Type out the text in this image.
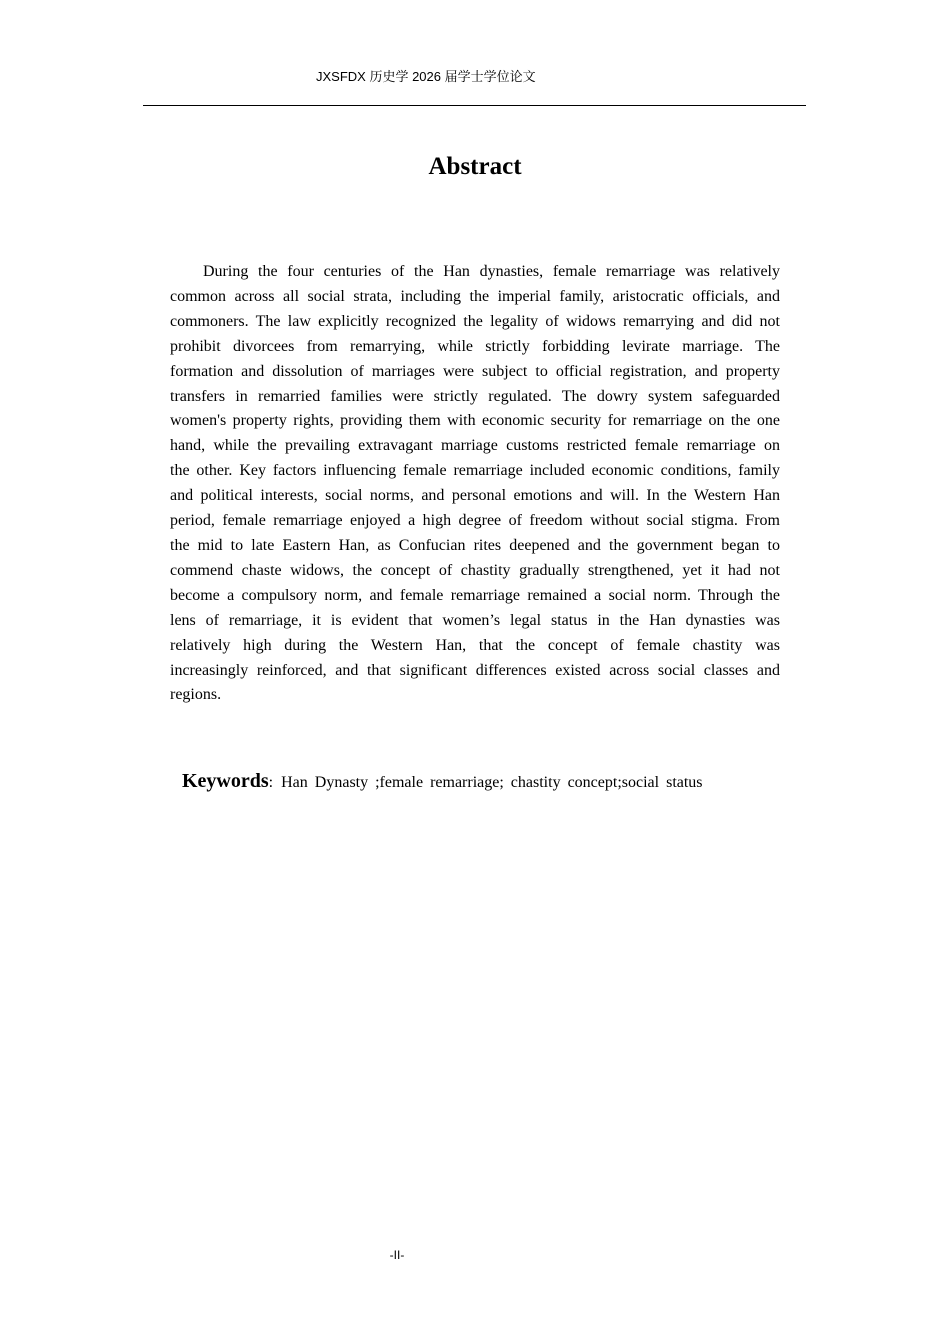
JXSFDX 历史学 2026 届学士学位论文
Abstract

During the four centuries of the Han dynasties, female remarriage was relatively common across all social strata, including the imperial family, aristocratic officials, and commoners. The law explicitly recognized the legality of widows remarrying and did not prohibit divorcees from remarrying, while strictly forbidding levirate marriage. The formation and dissolution of marriages were subject to official registration, and property transfers in remarried families were strictly regulated. The dowry system safeguarded women's property rights, providing them with economic security for remarriage on the one hand, while the prevailing extravagant marriage customs restricted female remarriage on the other. Key factors influencing female remarriage included economic conditions, family and political interests, social norms, and personal emotions and will. In the Western Han period, female remarriage enjoyed a high degree of freedom without social stigma. From the mid to late Eastern Han, as Confucian rites deepened and the government began to commend chaste widows, the concept of chastity gradually strengthened, yet it had not become a compulsory norm, and female remarriage remained a social norm. Through the lens of remarriage, it is evident that women’s legal status in the Han dynasties was relatively high during the Western Han, that the concept of female chastity was increasingly reinforced, and that significant differences existed across social classes and regions.

Keywords: Han Dynasty ;female remarriage; chastity concept;social status
-II-
